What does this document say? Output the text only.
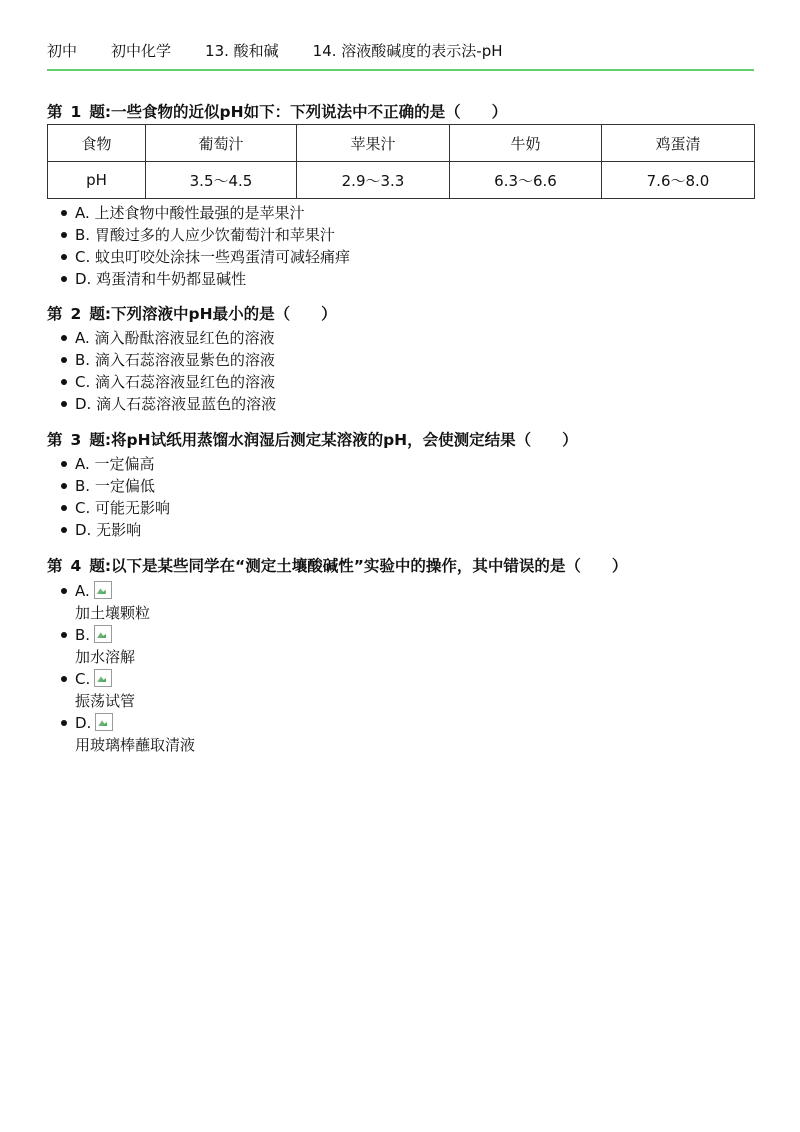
初中 初中化学 13. 酸和碱 14. 溶液酸碱度的表示法-pH
第 1 题:一些食物的近似pH如下：下列说法中不正确的是（　　）
食物	葡萄汁	苹果汁	牛奶	鸡蛋清
pH	3.5～4.5	2.9～3.3	6.3～6.6	7.6～8.0
A. 上述食物中酸性最强的是苹果汁
B. 胃酸过多的人应少饮葡萄汁和苹果汁
C. 蚊虫叮咬处涂抹一些鸡蛋清可减轻痛痒
D. 鸡蛋清和牛奶都显碱性
第 2 题:下列溶液中pH最小的是（　　）
A. 滴入酚酞溶液显红色的溶液
B. 滴入石蕊溶液显紫色的溶液
C. 滴入石蕊溶液显红色的溶液
D. 滴人石蕊溶液显蓝色的溶液
第 3 题:将pH试纸用蒸馏水润湿后测定某溶液的pH，会使测定结果（　　）
A. 一定偏高
B. 一定偏低
C. 可能无影响
D. 无影响
第 4 题:以下是某些同学在“测定土壤酸碱性”实验中的操作，其中错误的是（　　）
A.
加土壤颗粒
B.
加水溶解
C.
振荡试管
D.
用玻璃棒蘸取清液
